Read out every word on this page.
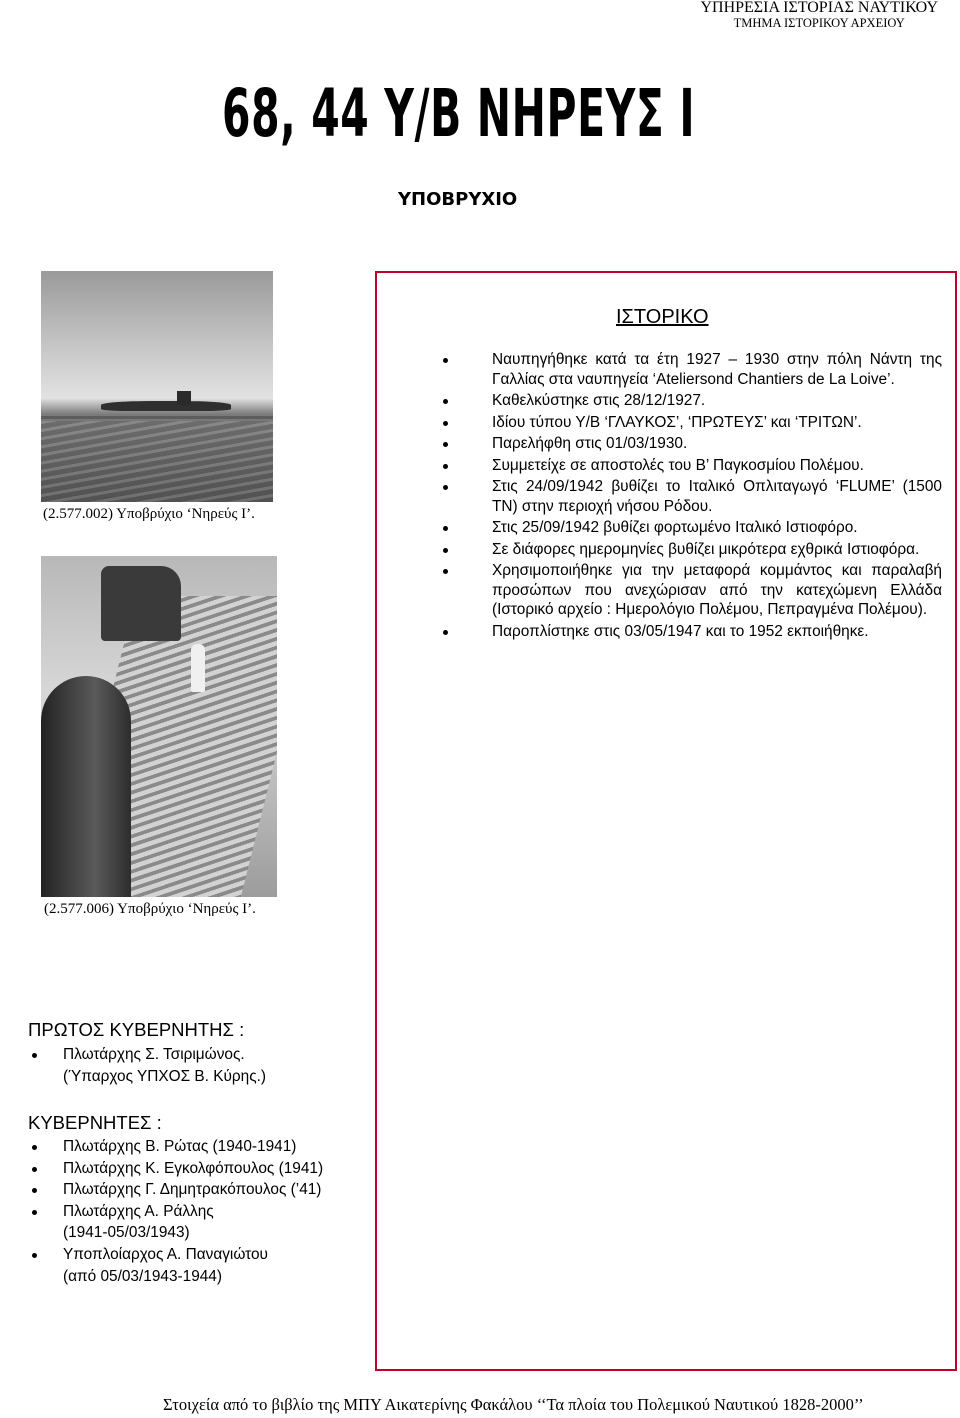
ΥΠΗΡΕΣΙΑ ΙΣΤΟΡΙΑΣ ΝΑΥΤΙΚΟΥ
ΤΜΗΜΑ ΙΣΤΟΡΙΚΟΥ ΑΡΧΕΙΟΥ
68, 44 Υ/Β ΝΗΡΕΥΣ Ι
ΥΠΟΒΡΥΧΙΟ
(2.577.002) Υποβρύχιο ‘Νηρεύς Ι’.
(2.577.006) Υποβρύχιο ‘Νηρεύς Ι’.
ΙΣΤΟΡΙΚΟ
Ναυπηγήθηκε κατά τα έτη 1927 – 1930 στην πόλη Νάντη της Γαλλίας στα ναυπηγεία ‘Ateliersond Chantiers de La Loive’.
Καθελκύστηκε στις 28/12/1927.
Ιδίου τύπου Υ/Β ‘ΓΛΑΥΚΟΣ’, ‘ΠΡΩΤΕΥΣ’ και ‘ΤΡΙΤΩΝ’.
Παρελήφθη στις 01/03/1930.
Συμμετείχε σε αποστολές του Β’ Παγκοσμίου Πολέμου.
Στις 24/09/1942 βυθίζει το Ιταλικό Οπλιταγωγό ‘FLUME’ (1500 ΤΝ) στην περιοχή νήσου Ρόδου.
Στις 25/09/1942 βυθίζει φορτωμένο Ιταλικό Ιστιοφόρο.
Σε διάφορες ημερομηνίες βυθίζει μικρότερα εχθρικά Ιστιοφόρα.
Χρησιμοποιήθηκε για την μεταφορά κομμάντος και παραλαβή προσώπων που ανεχώρισαν από την κατεχώμενη Ελλάδα (Ιστορικό αρχείο : Ημερολόγιο Πολέμου, Πεπραγμένα Πολέμου).
Παροπλίστηκε στις 03/05/1947 και το 1952 εκποιήθηκε.
ΠΡΩΤΟΣ ΚΥΒΕΡΝΗΤΗΣ :
Πλωτάρχης Σ. Τσιριμώνος.
(Ύπαρχος ΥΠΧΟΣ Β. Κύρης.)
ΚΥΒΕΡΝΗΤΕΣ :
Πλωτάρχης Β. Ρώτας (1940-1941)
Πλωτάρχης Κ. Εγκολφόπουλος (1941)
Πλωτάρχης Γ. Δημητρακόπουλος (’41)
Πλωτάρχης Α. Ράλλης
(1941-05/03/1943)
Υποπλοίαρχος Α. Παναγιώτου
(από 05/03/1943-1944)
Στοιχεία από το βιβλίο της ΜΠΥ Αικατερίνης Φακάλου ‘‘Τα πλοία του Πολεμικού Ναυτικού 1828-2000’’
